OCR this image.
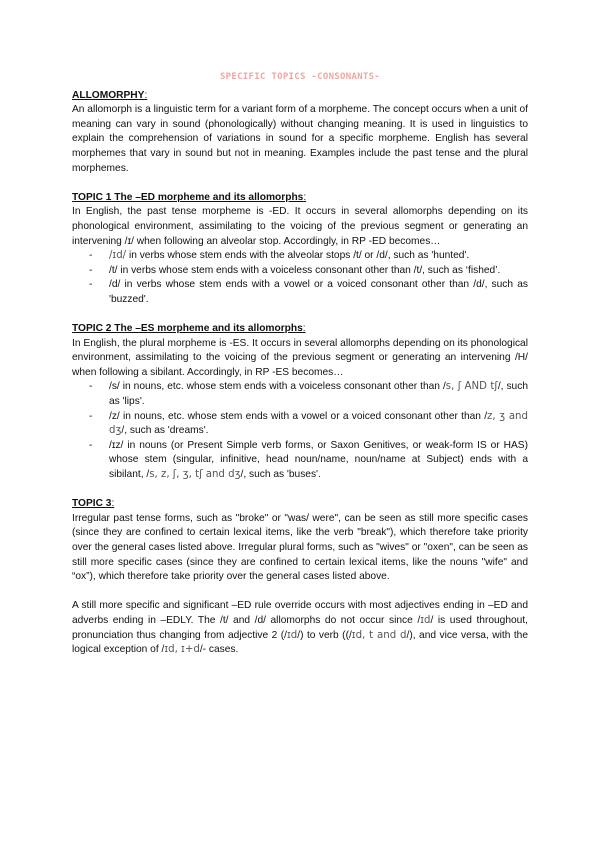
SPECIFIC TOPICS -CONSONANTS-

ALLOMORPHY:

An allomorph is a linguistic term for a variant form of a morpheme. The concept occurs when a unit of meaning can vary in sound (phonologically) without changing meaning. It is used in linguistics to explain the comprehension of variations in sound for a specific morpheme. English has several morphemes that vary in sound but not in meaning. Examples include the past tense and the plural morphemes.

TOPIC 1 The –ED morpheme and its allomorphs:

In English, the past tense morpheme is -ED. It occurs in several allomorphs depending on its phonological environment, assimilating to the voicing of the previous segment or generating an intervening /ɪ/ when following an alveolar stop. Accordingly, in RP -ED becomes…

- /ɪd/ in verbs whose stem ends with the alveolar stops /t/ or /d/, such as 'hunted'.
- /t/ in verbs whose stem ends with a voiceless consonant other than /t/, such as ‘fished’.
- /d/ in verbs whose stem ends with a vowel or a voiced consonant other than /d/, such as 'buzzed'.

TOPIC 2 The –ES morpheme and its allomorphs:

In English, the plural morpheme is -ES. It occurs in several allomorphs depending on its phonological environment, assimilating to the voicing of the previous segment or generating an intervening /H/ when following a sibilant. Accordingly, in RP -ES becomes…

- /s/ in nouns, etc. whose stem ends with a voiceless consonant other than /s, ʃ AND tʃ/, such as 'lips'.
- /z/ in nouns, etc. whose stem ends with a vowel or a voiced consonant other than /z, ʒ and dʒ/, such as 'dreams'.
- /ɪz/ in nouns (or Present Simple verb forms, or Saxon Genitives, or weak-form IS or HAS) whose stem (singular, infinitive, head noun/name, noun/name at Subject) ends with a sibilant, /s, z, ʃ, ʒ, tʃ and dʒ/, such as 'buses'.

TOPIC 3:

Irregular past tense forms, such as "broke" or "was/ were", can be seen as still more specific cases (since they are confined to certain lexical items, like the verb "break"), which therefore take priority over the general cases listed above. Irregular plural forms, such as "wives" or "oxen", can be seen as still more specific cases (since they are confined to certain lexical items, like the nouns "wife" and “ox”), which therefore take priority over the general cases listed above.

A still more specific and significant –ED rule override occurs with most adjectives ending in –ED and adverbs ending in –EDLY. The /t/ and /d/ allomorphs do not occur since /ɪd/ is used throughout, pronunciation thus changing from adjective 2 (/ɪd/) to verb ((/ɪd, t and d/), and vice versa, with the logical exception of /ɪd, ɪ+d/- cases.
